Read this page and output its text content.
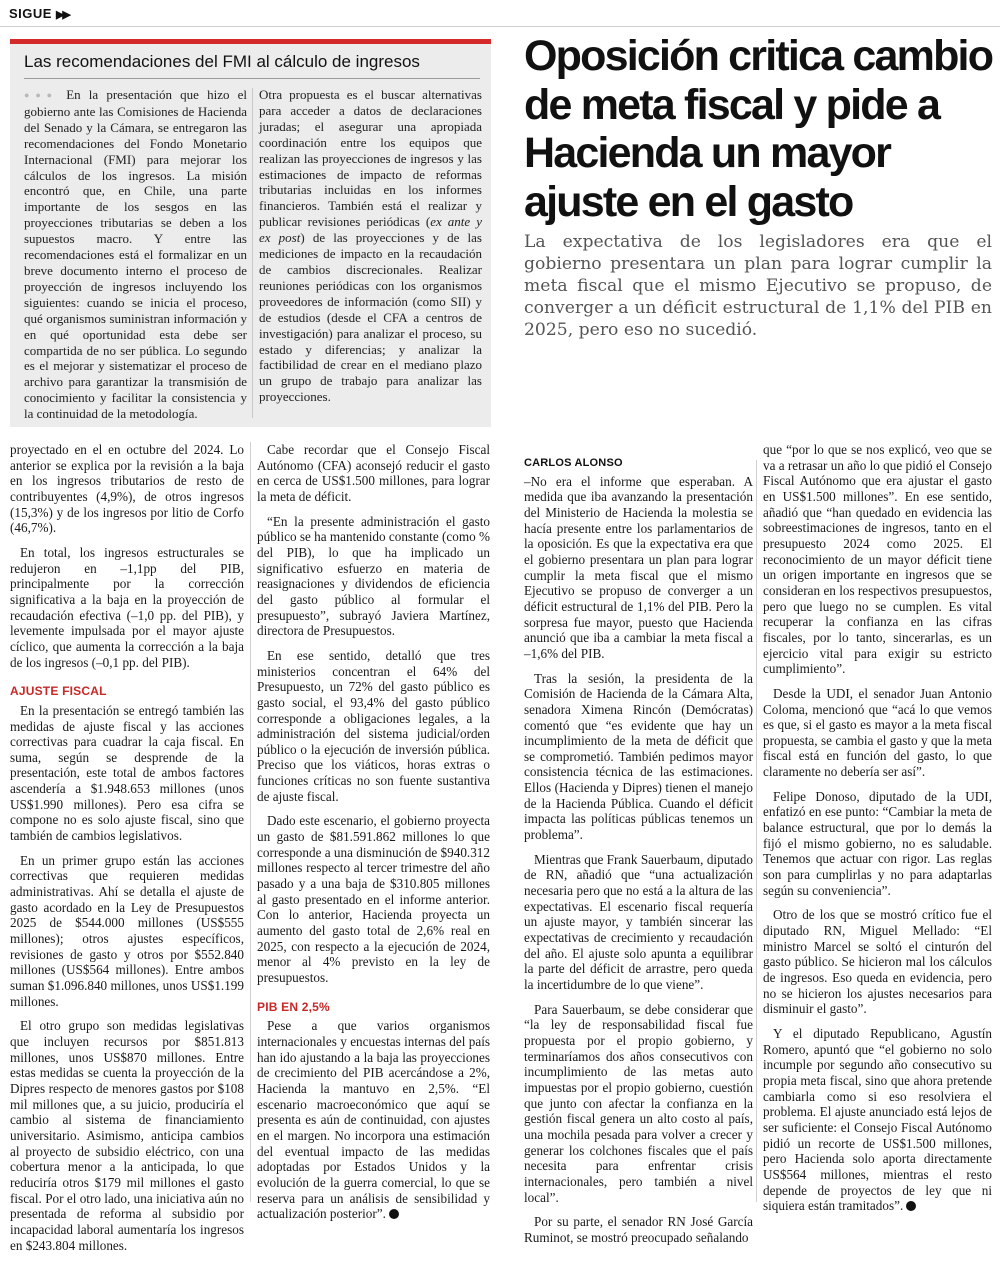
SIGUE ▶▶
Las recomendaciones del FMI al cálculo de ingresos

●●● En la presentación que hizo el gobierno ante las Comisiones de Hacienda del Senado y la Cámara, se entregaron las recomendaciones del Fondo Monetario Internacional (FMI) para mejorar los cálculos de los ingresos. La misión encontró que, en Chile, una parte importante de los sesgos en las proyecciones tributarias se deben a los supuestos macro. Y entre las recomendaciones está el formalizar en un breve documento interno el proceso de proyección de ingresos incluyendo los siguientes: cuando se inicia el proceso, qué organismos suministran información y en qué oportunidad esta debe ser compartida de no ser pública. Lo segundo es el mejorar y sistematizar el proceso de archivo para garantizar la transmisión de conocimiento y facilitar la consistencia y la continuidad de la metodología.

Otra propuesta es el buscar alternativas para acceder a datos de declaraciones juradas; el asegurar una apropiada coordinación entre los equipos que realizan las proyecciones de ingresos y las estimaciones de impacto de reformas tributarias incluidas en los informes financieros. También está el realizar y publicar revisiones periódicas (ex ante y ex post) de las proyecciones y de las mediciones de impacto en la recaudación de cambios discrecionales. Realizar reuniones periódicas con los organismos proveedores de información (como SII) y de estudios (desde el CFA a centros de investigación) para analizar el proceso, su estado y diferencias; y analizar la factibilidad de crear en el mediano plazo un grupo de trabajo para analizar las proyecciones.

Oposición critica cambio de meta fiscal y pide a Hacienda un mayor ajuste en el gasto
La expectativa de los legisladores era que el gobierno presentara un plan para lograr cumplir la meta fiscal que el mismo Ejecutivo se propuso, de converger a un déficit estructural de 1,1% del PIB en 2025, pero eso no sucedió.

proyectado en el en octubre del 2024. Lo anterior se explica por la revisión a la baja en los ingresos tributarios de resto de contribuyentes (4,9%), de otros ingresos (15,3%) y de los ingresos por litio de Corfo (46,7%).

En total, los ingresos estructurales se redujeron en –1,1pp del PIB, principalmente por la corrección significativa a la baja en la proyección de recaudación efectiva (–1,0 pp. del PIB), y levemente impulsada por el mayor ajuste cíclico, que aumenta la corrección a la baja de los ingresos (–0,1 pp. del PIB).

AJUSTE FISCAL

En la presentación se entregó también las medidas de ajuste fiscal y las acciones correctivas para cuadrar la caja fiscal. En suma, según se desprende de la presentación, este total de ambos factores ascendería a $1.948.653 millones (unos US$1.990 millones). Pero esa cifra se compone no es solo ajuste fiscal, sino que también de cambios legislativos.

En un primer grupo están las acciones correctivas que requieren medidas administrativas. Ahí se detalla el ajuste de gasto acordado en la Ley de Presupuestos 2025 de $544.000 millones (US$555 millones); otros ajustes específicos, revisiones de gasto y otros por $552.840 millones (US$564 millones). Entre ambos suman $1.096.840 millones, unos US$1.199 millones.

El otro grupo son medidas legislativas que incluyen recursos por $851.813 millones, unos US$870 millones. Entre estas medidas se cuenta la proyección de la Dipres respecto de menores gastos por $108 mil millones que, a su juicio, produciría el cambio al sistema de financiamiento universitario. Asimismo, anticipa cambios al proyecto de subsidio eléctrico, con una cobertura menor a la anticipada, lo que reduciría otros $179 mil millones el gasto fiscal. Por el otro lado, una iniciativa aún no presentada de reforma al subsidio por incapacidad laboral aumentaría los ingresos en $243.804 millones.

Cabe recordar que el Consejo Fiscal Autónomo (CFA) aconsejó reducir el gasto en cerca de US$1.500 millones, para lograr la meta de déficit.

“En la presente administración el gasto público se ha mantenido constante (como % del PIB), lo que ha implicado un significativo esfuerzo en materia de reasignaciones y dividendos de eficiencia del gasto público al formular el presupuesto”, subrayó Javiera Martínez, directora de Presupuestos.

En ese sentido, detalló que tres ministerios concentran el 64% del Presupuesto, un 72% del gasto público es gasto social, el 93,4% del gasto público corresponde a obligaciones legales, a la administración del sistema judicial/orden público o la ejecución de inversión pública. Preciso que los viáticos, horas extras o funciones críticas no son fuente sustantiva de ajuste fiscal.

Dado este escenario, el gobierno proyecta un gasto de $81.591.862 millones lo que corresponde a una disminución de $940.312 millones respecto al tercer trimestre del año pasado y a una baja de $310.805 millones al gasto presentado en el informe anterior. Con lo anterior, Hacienda proyecta un aumento del gasto total de 2,6% real en 2025, con respecto a la ejecución de 2024, menor al 4% previsto en la ley de presupuestos.

PIB EN 2,5%

Pese a que varios organismos internacionales y encuestas internas del país han ido ajustando a la baja las proyecciones de crecimiento del PIB acercándose a 2%, Hacienda la mantuvo en 2,5%. “El escenario macroeconómico que aquí se presenta es aún de continuidad, con ajustes en el margen. No incorpora una estimación del eventual impacto de las medidas adoptadas por Estados Unidos y la evolución de la guerra comercial, lo que se reserva para un análisis de sensibilidad y actualización posterior”.

CARLOS ALONSO

–No era el informe que esperaban. A medida que iba avanzando la presentación del Ministerio de Hacienda la molestia se hacía presente entre los parlamentarios de la oposición. Es que la expectativa era que el gobierno presentara un plan para lograr cumplir la meta fiscal que el mismo Ejecutivo se propuso de converger a un déficit estructural de 1,1% del PIB. Pero la sorpresa fue mayor, puesto que Hacienda anunció que iba a cambiar la meta fiscal a –1,6% del PIB.

Tras la sesión, la presidenta de la Comisión de Hacienda de la Cámara Alta, senadora Ximena Rincón (Demócratas) comentó que “es evidente que hay un incumplimiento de la meta de déficit que se comprometió. También pedimos mayor consistencia técnica de las estimaciones. Ellos (Hacienda y Dipres) tienen el manejo de la Hacienda Pública. Cuando el déficit impacta las políticas públicas tenemos un problema”.

Mientras que Frank Sauerbaum, diputado de RN, añadió que “una actualización necesaria pero que no está a la altura de las expectativas. El escenario fiscal requería un ajuste mayor, y también sincerar las expectativas de crecimiento y recaudación del año. El ajuste solo apunta a equilibrar la parte del déficit de arrastre, pero queda la incertidumbre de lo que viene”.

Para Sauerbaum, se debe considerar que “la ley de responsabilidad fiscal fue propuesta por el propio gobierno, y terminaríamos dos años consecutivos con incumplimiento de las metas auto impuestas por el propio gobierno, cuestión que junto con afectar la confianza en la gestión fiscal genera un alto costo al país, una mochila pesada para volver a crecer y generar los colchones fiscales que el país necesita para enfrentar crisis internacionales, pero también a nivel local”.

Por su parte, el senador RN José García Ruminot, se mostró preocupado señalando

que “por lo que se nos explicó, veo que se va a retrasar un año lo que pidió el Consejo Fiscal Autónomo que era ajustar el gasto en US$1.500 millones”. En ese sentido, añadió que “han quedado en evidencia las sobreestimaciones de ingresos, tanto en el presupuesto 2024 como 2025. El reconocimiento de un mayor déficit tiene un origen importante en ingresos que se consideran en los respectivos presupuestos, pero que luego no se cumplen. Es vital recuperar la confianza en las cifras fiscales, por lo tanto, sincerarlas, es un ejercicio vital para exigir su estricto cumplimiento”.

Desde la UDI, el senador Juan Antonio Coloma, mencionó que “acá lo que vemos es que, si el gasto es mayor a la meta fiscal propuesta, se cambia el gasto y que la meta fiscal está en función del gasto, lo que claramente no debería ser así”.

Felipe Donoso, diputado de la UDI, enfatizó en ese punto: “Cambiar la meta de balance estructural, que por lo demás la fijó el mismo gobierno, no es saludable. Tenemos que actuar con rigor. Las reglas son para cumplirlas y no para adaptarlas según su conveniencia”.

Otro de los que se mostró crítico fue el diputado RN, Miguel Mellado: “El ministro Marcel se soltó el cinturón del gasto público. Se hicieron mal los cálculos de ingresos. Eso queda en evidencia, pero no se hicieron los ajustes necesarios para disminuir el gasto”.

Y el diputado Republicano, Agustín Romero, apuntó que “el gobierno no solo incumple por segundo año consecutivo su propia meta fiscal, sino que ahora pretende cambiarla como si eso resolviera el problema. El ajuste anunciado está lejos de ser suficiente: el Consejo Fiscal Autónomo pidió un recorte de US$1.500 millones, pero Hacienda solo aporta directamente US$564 millones, mientras el resto depende de proyectos de ley que ni siquiera están tramitados”.
